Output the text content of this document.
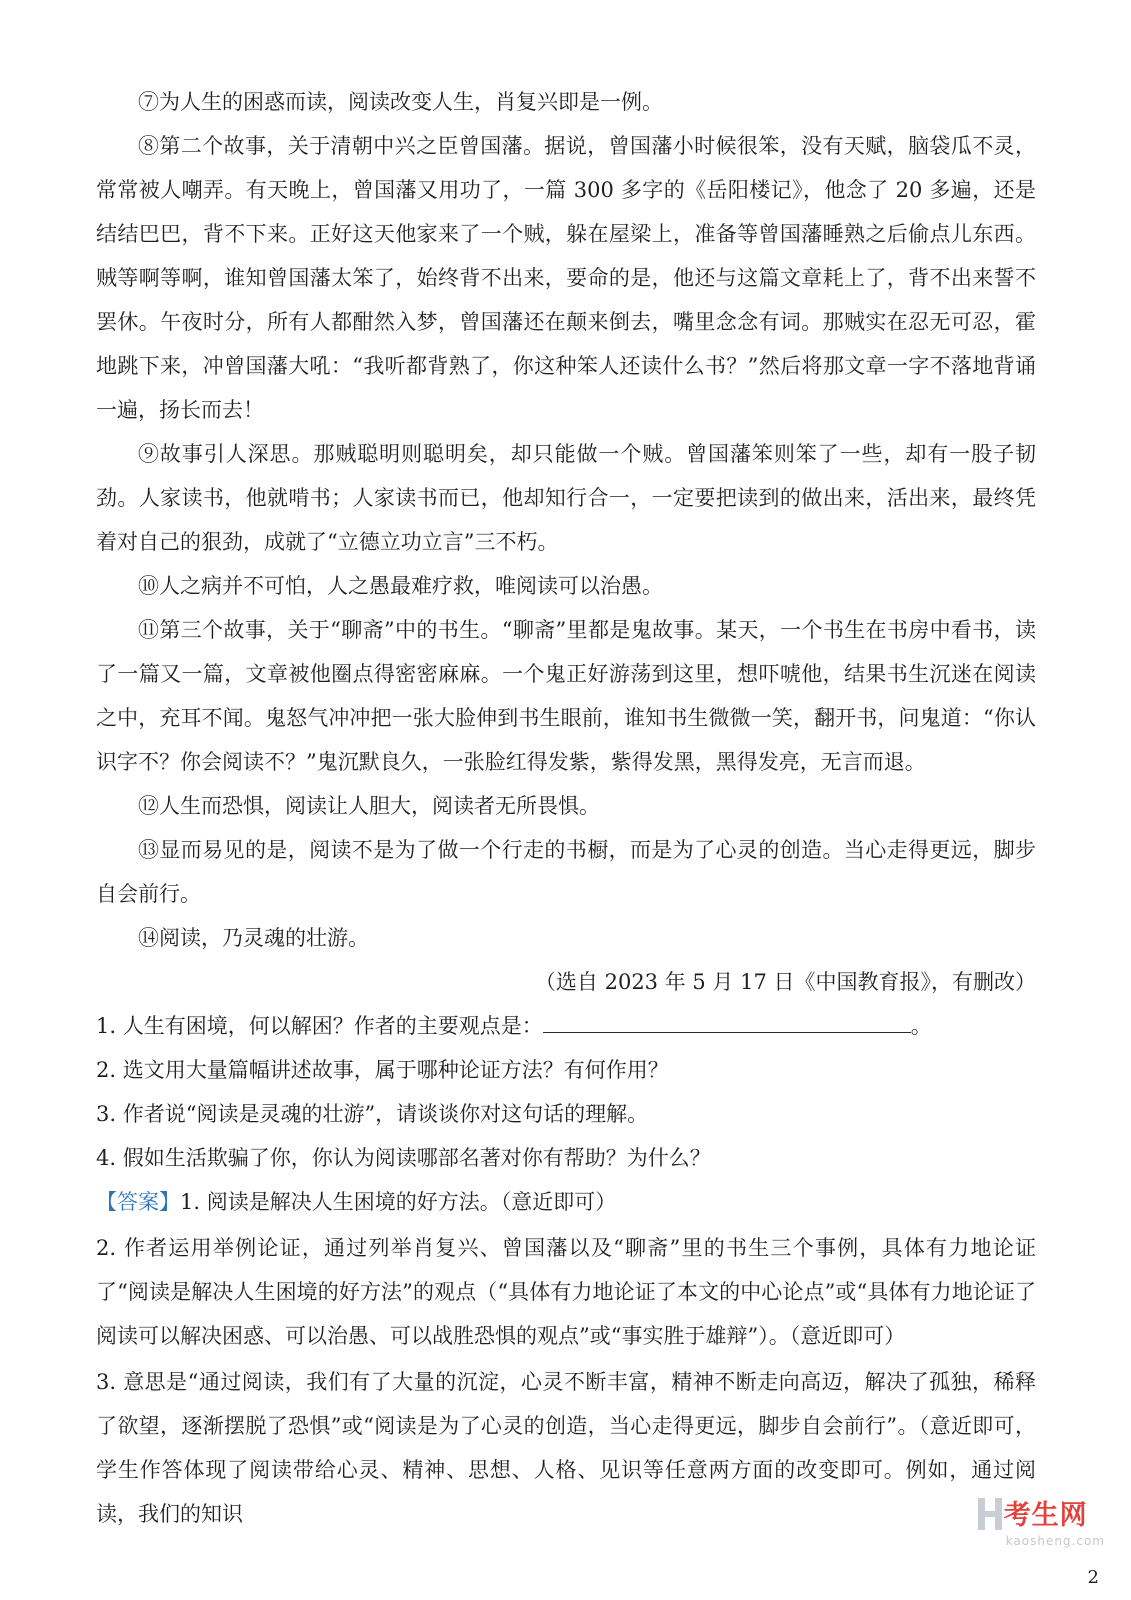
⑦为人生的困惑而读，阅读改变人生，肖复兴即是一例。

⑧第二个故事，关于清朝中兴之臣曾国藩。据说，曾国藩小时候很笨，没有天赋，脑袋瓜不灵，常常被人嘲弄。有天晚上，曾国藩又用功了，一篇 300 多字的《岳阳楼记》，他念了 20 多遍，还是结结巴巴，背不下来。正好这天他家来了一个贼，躲在屋梁上，准备等曾国藩睡熟之后偷点儿东西。贼等啊等啊，谁知曾国藩太笨了，始终背不出来，要命的是，他还与这篇文章耗上了，背不出来誓不罢休。午夜时分，所有人都酣然入梦，曾国藩还在颠来倒去，嘴里念念有词。那贼实在忍无可忍，霍地跳下来，冲曾国藩大吼：“我听都背熟了，你这种笨人还读什么书？”然后将那文章一字不落地背诵一遍，扬长而去！

⑨故事引人深思。那贼聪明则聪明矣，却只能做一个贼。曾国藩笨则笨了一些，却有一股子韧劲。人家读书，他就啃书；人家读书而已，他却知行合一，一定要把读到的做出来，活出来，最终凭着对自己的狠劲，成就了“立德立功立言”三不朽。

⑩人之病并不可怕，人之愚最难疗救，唯阅读可以治愚。

⑪第三个故事，关于“聊斋”中的书生。“聊斋”里都是鬼故事。某天，一个书生在书房中看书，读了一篇又一篇，文章被他圈点得密密麻麻。一个鬼正好游荡到这里，想吓唬他，结果书生沉迷在阅读之中，充耳不闻。鬼怒气冲冲把一张大脸伸到书生眼前，谁知书生微微一笑，翻开书，问鬼道：“你认识字不？你会阅读不？”鬼沉默良久，一张脸红得发紫，紫得发黑，黑得发亮，无言而退。

⑫人生而恐惧，阅读让人胆大，阅读者无所畏惧。

⑬显而易见的是，阅读不是为了做一个行走的书橱，而是为了心灵的创造。当心走得更远，脚步自会前行。

⑭阅读，乃灵魂的壮游。

（选自 2023 年 5 月 17 日《中国教育报》，有删改）

1. 人生有困境，何以解困？作者的主要观点是：	。

2. 选文用大量篇幅讲述故事，属于哪种论证方法？有何作用？

3. 作者说“阅读是灵魂的壮游”，请谈谈你对这句话的理解。

4. 假如生活欺骗了你，你认为阅读哪部名著对你有帮助？为什么？

【答案】1. 阅读是解决人生困境的好方法。（意近即可）

2. 作者运用举例论证，通过列举肖复兴、曾国藩以及“聊斋”里的书生三个事例，具体有力地论证了“阅读是解决人生困境的好方法”的观点（“具体有力地论证了本文的中心论点”或“具体有力地论证了阅读可以解决困惑、可以治愚、可以战胜恐惧的观点”或“事实胜于雄辩”）。（意近即可）

3. 意思是“通过阅读，我们有了大量的沉淀，心灵不断丰富，精神不断走向高迈，解决了孤独，稀释了欲望，逐渐摆脱了恐惧”或“阅读是为了心灵的创造，当心走得更远，脚步自会前行”。（意近即可，学生作答体现了阅读带给心灵、精神、思想、人格、见识等任意两方面的改变即可。例如，通过阅读，我们的知识	考生网
kaosheng.com
2
